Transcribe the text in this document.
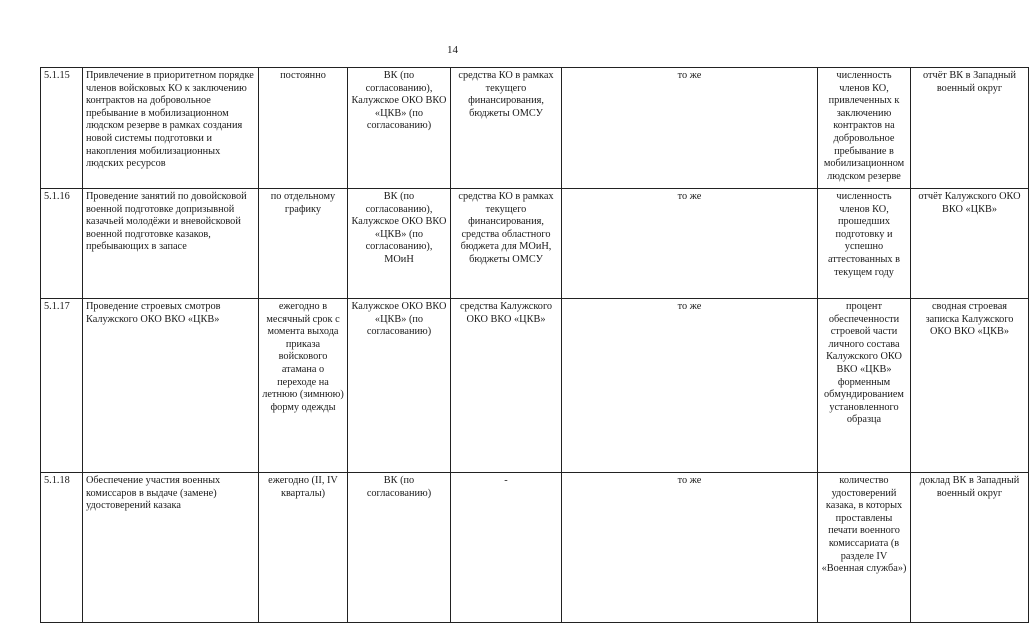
14
5.1.15	Привлечение в приоритетном порядке членов войсковых КО к заключению контрактов на добровольное пребывание в мобилизационном людском резерве в рамках создания новой системы подготовки и накопления мобилизационных людских ресурсов	постоянно	ВК (по согласованию), Калужское ОКО ВКО «ЦКВ» (по согласованию)	средства КО в рамках текущего финансирования, бюджеты ОМСУ	то же	численность членов КО, привлеченных к заключению контрактов на добровольное пребывание в мобилизационном людском резерве	отчёт ВК в Западный военный округ
5.1.16	Проведение занятий по довойсковой военной подготовке допризывной казачьей молодёжи и вневойсковой военной подготовке казаков, пребывающих в запасе	по отдельному графику	ВК (по согласованию), Калужское ОКО ВКО «ЦКВ» (по согласованию), МОиН	средства КО в рамках текущего финансирования, средства областного бюджета для МОиН, бюджеты ОМСУ	то же	численность членов КО, прошедших подготовку и успешно аттестованных в текущем году	отчёт Калужского ОКО ВКО «ЦКВ»
5.1.17	Проведение строевых смотров Калужского ОКО ВКО «ЦКВ»	ежегодно в месячный срок с момента выхода приказа войскового атамана о переходе на летнюю (зимнюю) форму одежды	Калужское ОКО ВКО «ЦКВ» (по согласованию)	средства Калужского ОКО ВКО «ЦКВ»	то же	процент обеспеченности строевой части личного состава Калужского ОКО ВКО «ЦКВ» форменным обмундированием установленного образца	сводная строевая записка Калужского ОКО ВКО «ЦКВ»
5.1.18	Обеспечение участия военных комиссаров в выдаче (замене) удостоверений казака	ежегодно (II, IV кварталы)	ВК (по согласованию)	-	то же	количество удостоверений казака, в которых проставлены печати военного комиссариата (в разделе IV «Военная служба»)	доклад ВК в Западный военный округ
